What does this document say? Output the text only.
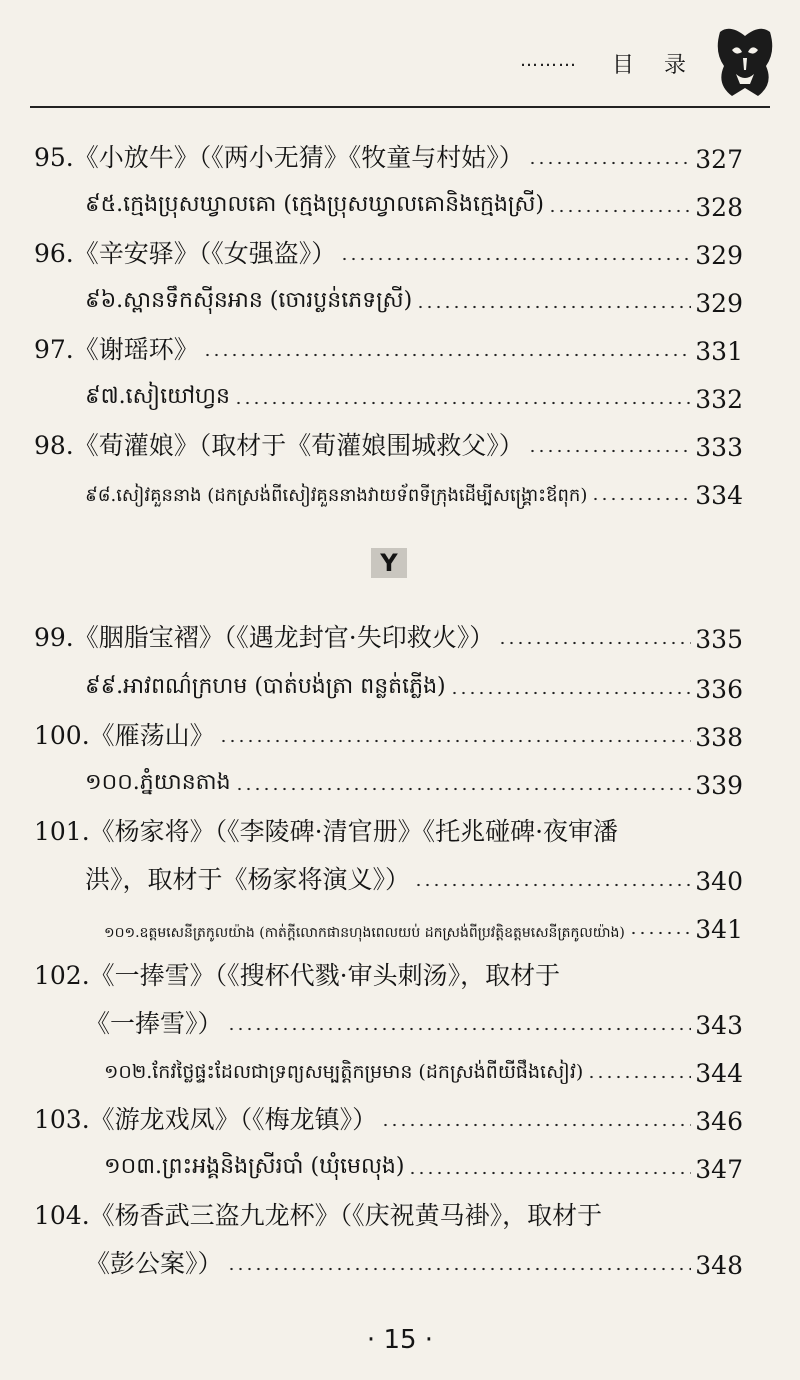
……… 目录
95.《小放牛》（《两小无猜》《牧童与村姑》）	327
៩៥.ក្មេងប្រុសឃ្វាលគោ (ក្មេងប្រុសឃ្វាលគោនិងក្មេងស្រី)	328
96.《辛安驿》（《女强盗》）	329
៩៦.ស្ពានទឹកស៊ីនអាន (ចោរប្លន់ភេទស្រី)	329
97.《谢瑶环》	331
៩៧.សៀយៅហ្វន	332
98.《荀灌娘》（取材于《荀灌娘围城救父》）	333
៩៨.សៀវគួននាង (ដកស្រង់ពីសៀវគួននាងវាយទ័ពទីក្រុងដើម្បីសង្គ្រោះឪពុក)	334
Y
99.《胭脂宝褶》（《遇龙封官·失印救火》）	335
៩៩.អាវពណ៌ក្រហម (បាត់បង់ត្រា ពន្លត់ភ្លើង)	336
100.《雁荡山》	338
១០០.ភ្នំយានតាង	339
101.《杨家将》（《李陵碑·清官册》《托兆碰碑·夜审潘
洪》，取材于《杨家将演义》）	340
១០១.ឧត្តមសេនីត្រកូលយ៉ាង (កាត់ក្តីលោកផានហុងពេលយប់ ដកស្រង់ពីប្រវត្តិឧត្តមសេនីត្រកូលយ៉ាង)	341
102.《一捧雪》（《搜杯代戮·审头刺汤》，取材于
《一捧雪》）	343
១០២.កែវថ្លៃផ្ទះដែលជាទ្រព្យសម្បត្តិកម្រមាន (ដកស្រង់ពីយីផឹងសៀវ)	344
103.《游龙戏凤》（《梅龙镇》）	346
១០៣.ព្រះអង្គនិងស្រីរបាំ (ឃុំមេលុង)	347
104.《杨香武三盗九龙杯》（《庆祝黄马褂》，取材于
《彭公案》）	348
· 15 ·
